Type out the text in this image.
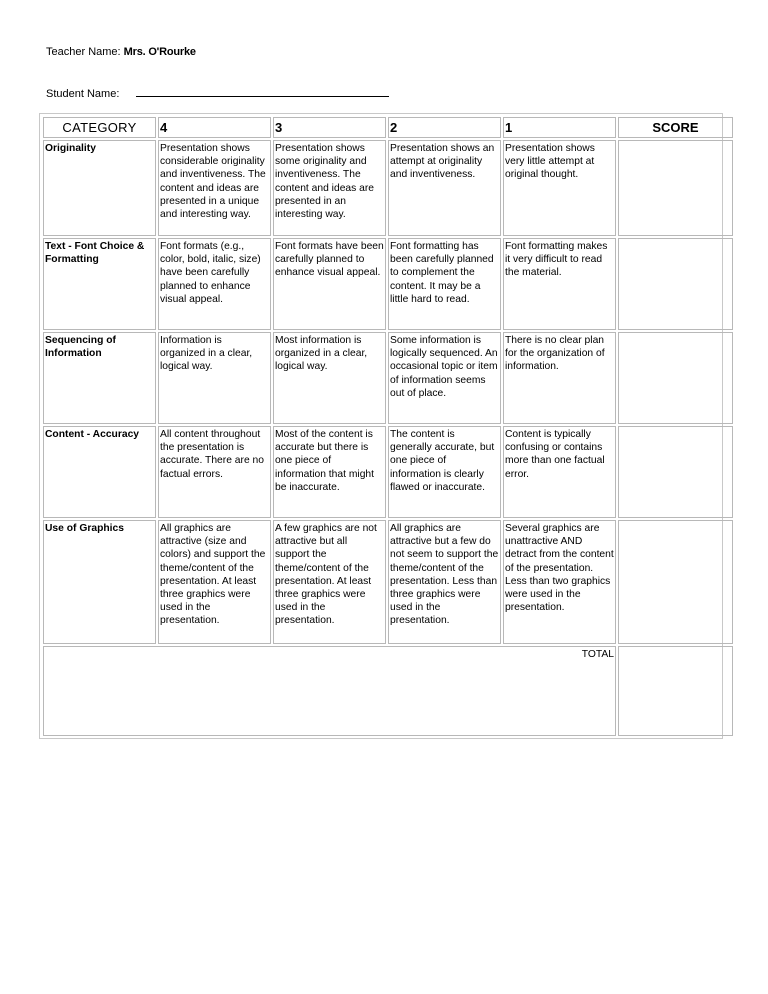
Teacher Name: Mrs. O'Rourke
Student Name:
CATEGORY	4	3	2	1	SCORE
Originality	Presentation shows considerable originality and inventiveness. The content and ideas are presented in a unique and interesting way.	Presentation shows some originality and inventiveness. The content and ideas are presented in an interesting way.	Presentation shows an attempt at originality and inventiveness.	Presentation shows very little attempt at original thought.	
Text - Font Choice & Formatting	Font formats (e.g., color, bold, italic, size) have been carefully planned to enhance visual appeal.	Font formats have been carefully planned to enhance visual appeal.	Font formatting has been carefully planned to complement the content. It may be a little hard to read.	Font formatting makes it very difficult to read the material.	
Sequencing of Information	Information is organized in a clear, logical way.	Most information is organized in a clear, logical way.	Some information is logically sequenced. An occasional topic or item of information seems out of place.	There is no clear plan for the organization of information.	
Content - Accuracy	All content throughout the presentation is accurate. There are no factual errors.	Most of the content is accurate but there is one piece of information that might be inaccurate.	The content is generally accurate, but one piece of information is clearly flawed or inaccurate.	Content is typically confusing or contains more than one factual error.	
Use of Graphics	All graphics are attractive (size and colors) and support the theme/content of the presentation. At least three graphics were used in the presentation.	A few graphics are not attractive but all support the theme/content of the presentation. At least three graphics were used in the presentation.	All graphics are attractive but a few do not seem to support the theme/content of the presentation. Less than three graphics were used in the presentation.	Several graphics are unattractive AND detract from the content of the presentation. Less than two graphics were used in the presentation.	
TOTAL					
